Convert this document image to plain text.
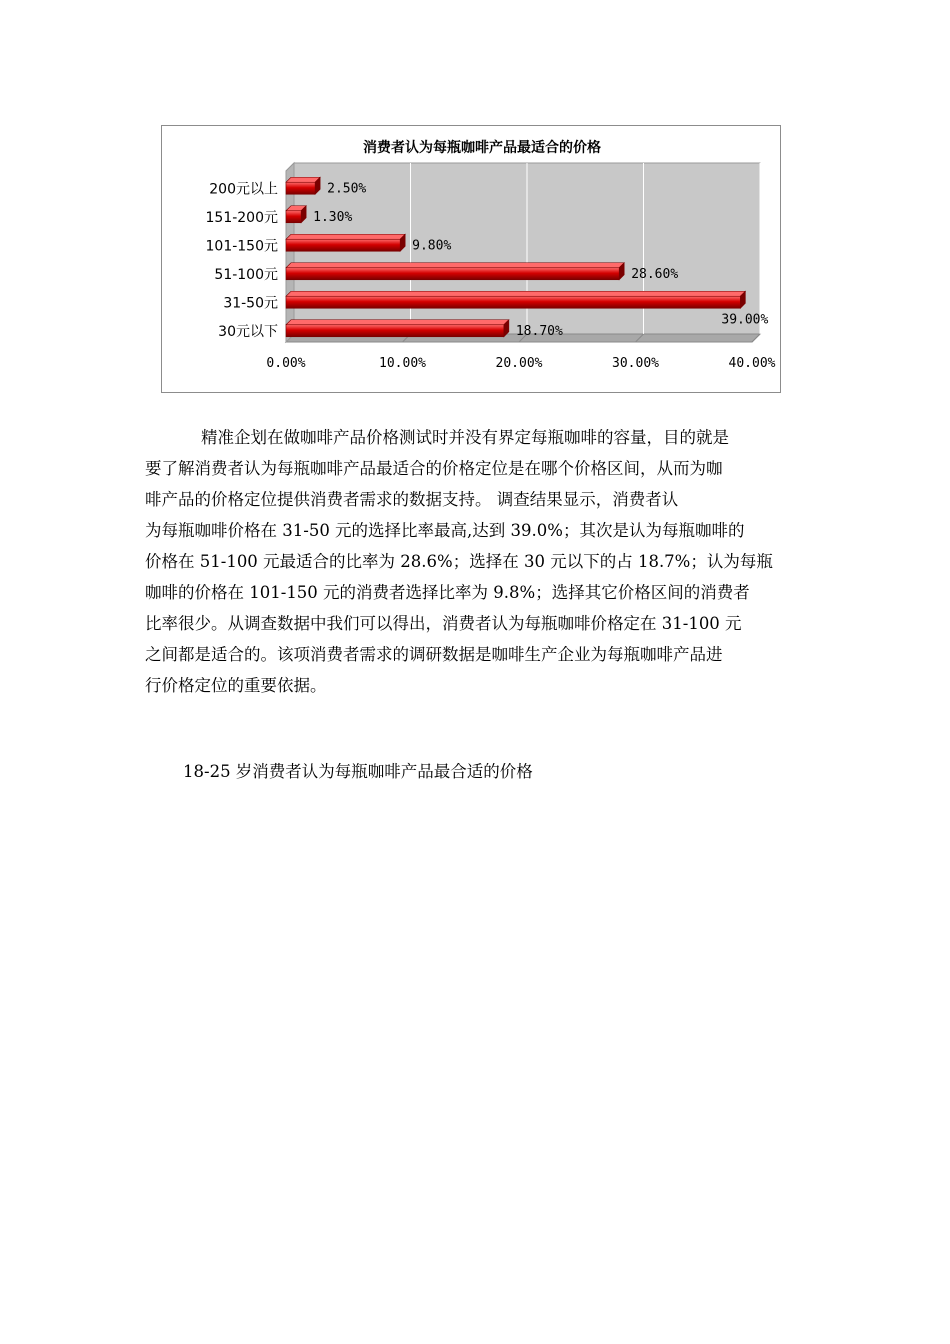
消费者认为每瓶咖啡产品最适合的价格
0.00%	10.00%	20.00%	30.00%	40.00%
200元以上	2.50%
151-200元	1.30%
101-150元	9.80%
51-100元	28.60%
31-50元
39.00%
30元以下	18.70%
精准企划在做咖啡产品价格测试时并没有界定每瓶咖啡的容量，目的就是
要了解消费者认为每瓶咖啡产品最适合的价格定位是在哪个价格区间，从而为咖
啡产品的价格定位提供消费者需求的数据支持。 调查结果显示，消费者认
为每瓶咖啡价格在 31-50 元的选择比率最高,达到 39.0%；其次是认为每瓶咖啡的
价格在 51-100 元最适合的比率为 28.6%；选择在 30 元以下的占 18.7%；认为每瓶
咖啡的价格在 101-150 元的消费者选择比率为 9.8%；选择其它价格区间的消费者
比率很少。从调查数据中我们可以得出，消费者认为每瓶咖啡价格定在 31-100 元
之间都是适合的。该项消费者需求的调研数据是咖啡生产企业为每瓶咖啡产品进
行价格定位的重要依据。
18-25 岁消费者认为每瓶咖啡产品最合适的价格
